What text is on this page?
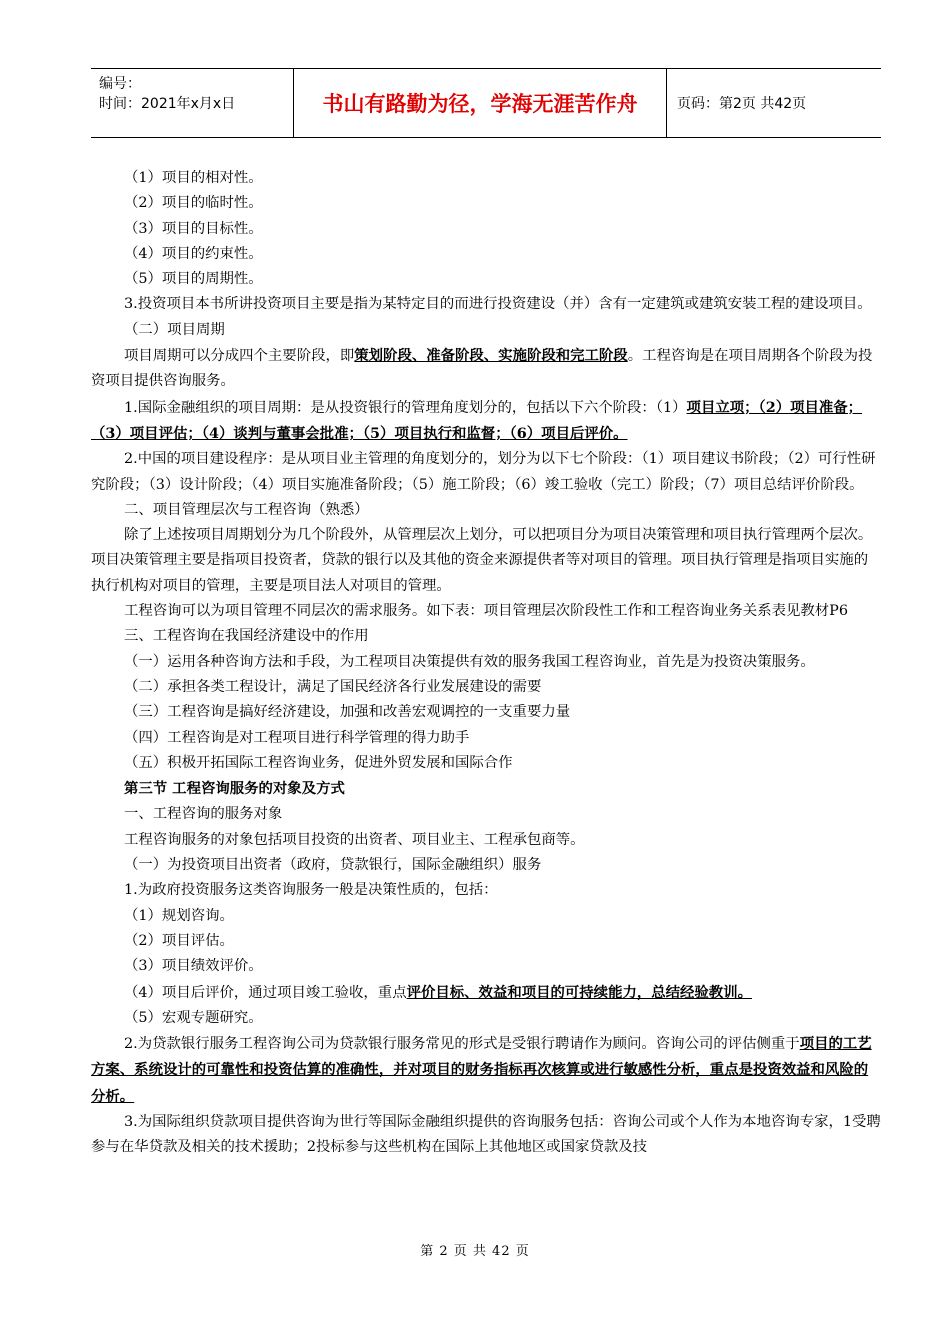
编号：
时间：2021年x月x日	书山有路勤为径，学海无涯苦作舟	页码：第2页 共42页

（1）项目的相对性。

（2）项目的临时性。

（3）项目的目标性。

（4）项目的约束性。

（5）项目的周期性。

3.投资项目本书所讲投资项目主要是指为某特定目的而进行投资建设（并）含有一定建筑或建筑安装工程的建设项目。

（二）项目周期

项目周期可以分成四个主要阶段，即策划阶段、准备阶段、实施阶段和完工阶段。工程咨询是在项目周期各个阶段为投资项目提供咨询服务。

1.国际金融组织的项目周期：是从投资银行的管理角度划分的，包括以下六个阶段：（1）项目立项；（2）项目准备；（3）项目评估；（4）谈判与董事会批准；（5）项目执行和监督；（6）项目后评价。

2.中国的项目建设程序：是从项目业主管理的角度划分的，划分为以下七个阶段：（1）项目建议书阶段；（2）可行性研究阶段；（3）设计阶段；（4）项目实施准备阶段；（5）施工阶段；（6）竣工验收（完工）阶段；（7）项目总结评价阶段。

二、项目管理层次与工程咨询（熟悉）

除了上述按项目周期划分为几个阶段外，从管理层次上划分，可以把项目分为项目决策管理和项目执行管理两个层次。项目决策管理主要是指项目投资者，贷款的银行以及其他的资金来源提供者等对项目的管理。项目执行管理是指项目实施的执行机构对项目的管理，主要是项目法人对项目的管理。

工程咨询可以为项目管理不同层次的需求服务。如下表：项目管理层次阶段性工作和工程咨询业务关系表见教材P6

三、工程咨询在我国经济建设中的作用

（一）运用各种咨询方法和手段，为工程项目决策提供有效的服务我国工程咨询业，首先是为投资决策服务。

（二）承担各类工程设计，满足了国民经济各行业发展建设的需要

（三）工程咨询是搞好经济建设，加强和改善宏观调控的一支重要力量

（四）工程咨询是对工程项目进行科学管理的得力助手

（五）积极开拓国际工程咨询业务，促进外贸发展和国际合作

第三节 工程咨询服务的对象及方式

一、工程咨询的服务对象

工程咨询服务的对象包括项目投资的出资者、项目业主、工程承包商等。

（一）为投资项目出资者（政府，贷款银行，国际金融组织）服务

1.为政府投资服务这类咨询服务一般是决策性质的，包括：

（1）规划咨询。

（2）项目评估。

（3）项目绩效评价。

（4）项目后评价，通过项目竣工验收，重点评价目标、效益和项目的可持续能力，总结经验教训。

（5）宏观专题研究。

2.为贷款银行服务工程咨询公司为贷款银行服务常见的形式是受银行聘请作为顾问。咨询公司的评估侧重于项目的工艺方案、系统设计的可靠性和投资估算的准确性，并对项目的财务指标再次核算或进行敏感性分析，重点是投资效益和风险的分析。

3.为国际组织贷款项目提供咨询为世行等国际金融组织提供的咨询服务包括：咨询公司或个人作为本地咨询专家，1受聘参与在华贷款及相关的技术援助；2投标参与这些机构在国际上其他地区或国家贷款及技

第 2 页 共 42 页
